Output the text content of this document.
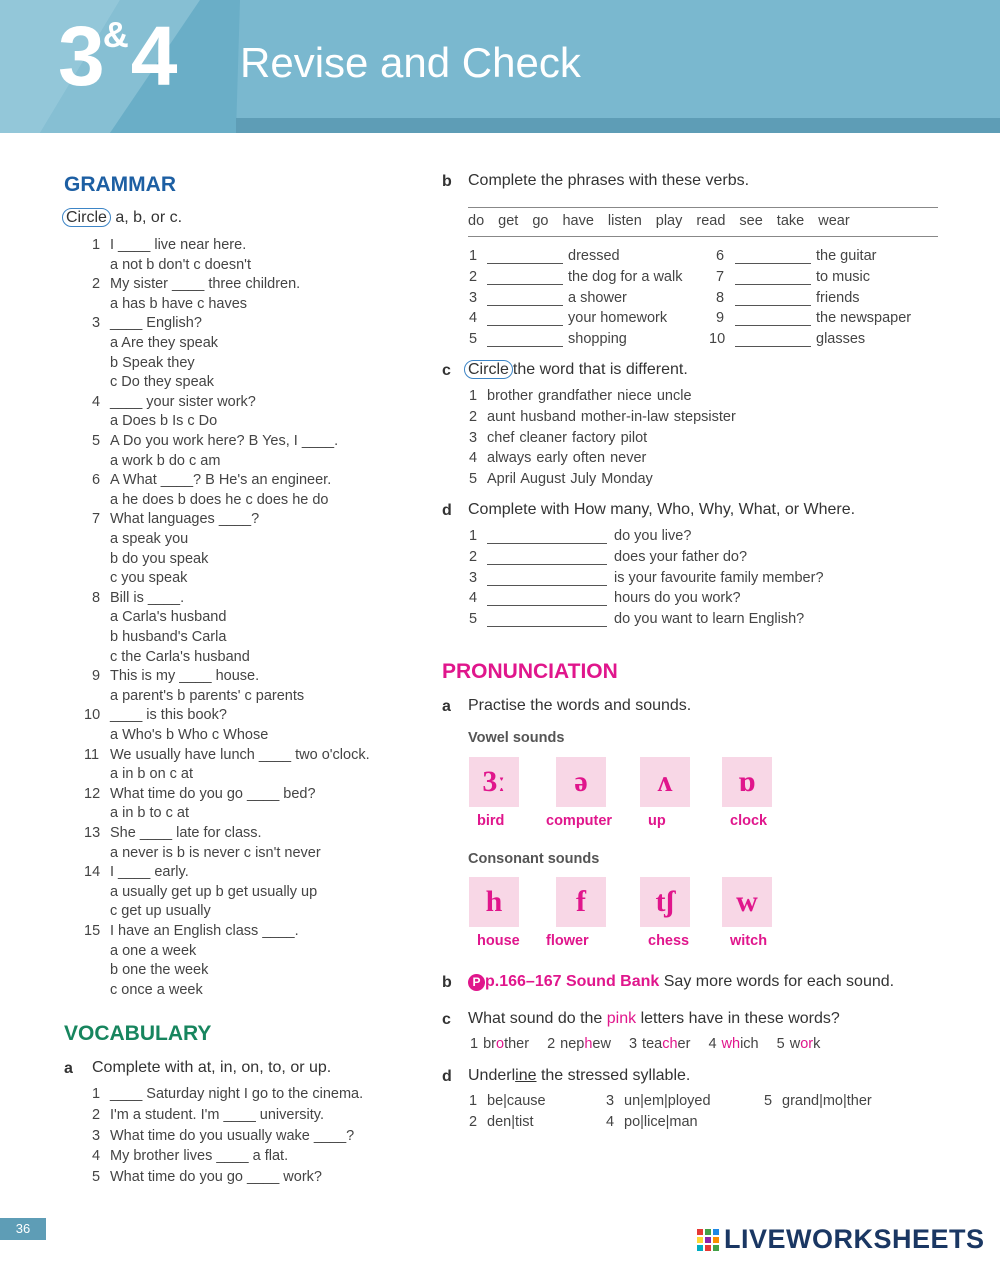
3&4 Revise and Check
GRAMMAR
Circle a, b, or c.
1 I ____ live near here.
a not b don't c doesn't
2 My sister ____ three children.
a has b have c haves
3 ____ English?
a Are they speak
b Speak they
c Do they speak
4 ____ your sister work?
a Does b Is c Do
5 A Do you work here? B Yes, I ____.
a work b do c am
6 A What ____? B He's an engineer.
a he does b does he c does he do
7 What languages ____?
a speak you
b do you speak
c you speak
8 Bill is ____.
a Carla's husband
b husband's Carla
c the Carla's husband
9 This is my ____ house.
a parent's b parents' c parents
10 ____ is this book?
a Who's b Who c Whose
11 We usually have lunch ____ two o'clock.
a in b on c at
12 What time do you go ____ bed?
a in b to c at
13 She ____ late for class.
a never is b is never c isn't never
14 I ____ early.
a usually get up b get usually up
c get up usually
15 I have an English class ____.
a one a week
b one the week
c once a week
VOCABULARY
a Complete with at, in, on, to, or up.
1 ____ Saturday night I go to the cinema.
2 I'm a student. I'm ____ university.
3 What time do you usually wake ____?
4 My brother lives ____ a flat.
5 What time do you go ____ work?
b Complete the phrases with these verbs.
do get go have listen play read see take wear
1	dressed
2	the dog for a walk
3	a shower
4	your homework
5	shopping
6	the guitar
7	to music
8	friends
9	the newspaper
10	glasses
c Circle the word that is different.
1 brother grandfather niece uncle
2 aunt husband mother-in-law stepsister
3 chef cleaner factory pilot
4 always early often never
5 April August July Monday
d Complete with How many, Who, Why, What, or Where.
1	do you live?
2	does your father do?
3	is your favourite family member?
4	hours do you work?
5	do you want to learn English?
PRONUNCIATION
a Practise the words and sounds.
Vowel sounds
3ː
bird
ə
computer
ʌ
up
ɒ
clock
Consonant sounds
h
house
f
flower
tʃ
chess
w
witch
b	P p.166–167 Sound Bank Say more words for each sound.
c What sound do the pink letters have in these words?
1 brother 2 nephew 3 teacher 4 which 5 work
d Underline the stressed syllable.
1 be|cause	3 un|em|ployed	5 grand|mo|ther
2 den|tist	4 po|lice|man
36	LIVEWORKSHEETS
